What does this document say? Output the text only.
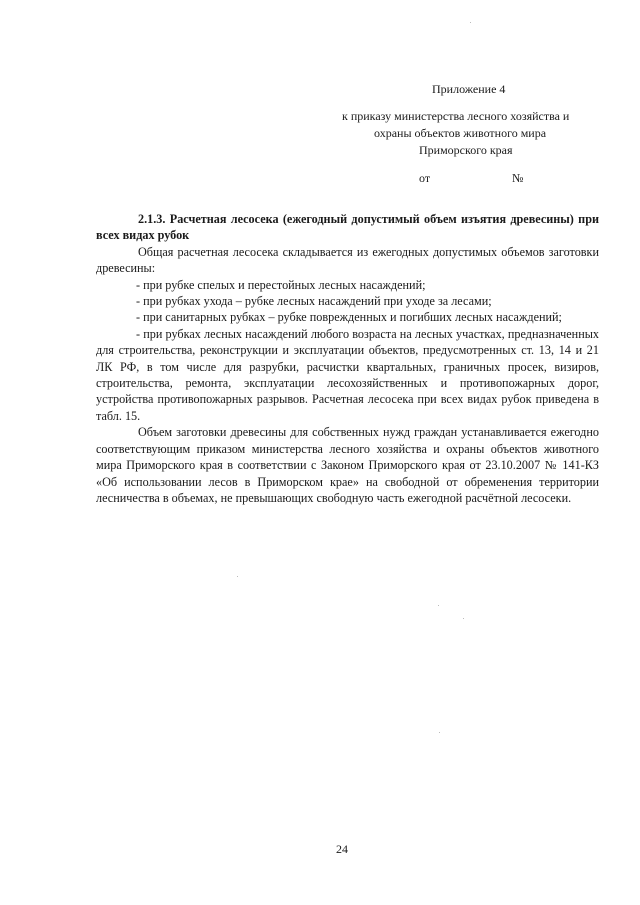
Приложение 4
к приказу министерства лесного хозяйства и
охраны объектов животного мира
Приморского края
от	№

2.1.3. Расчетная лесосека (ежегодный допустимый объем изъятия древесины) при всех видах рубок

Общая расчетная лесосека складывается из ежегодных допустимых объемов заготовки древесины:

- при рубке спелых и перестойных лесных насаждений;

- при рубках ухода – рубке лесных насаждений при уходе за лесами;

- при санитарных рубках – рубке поврежденных и погибших лесных насаждений;

- при рубках лесных насаждений любого возраста на лесных участках, предназначенных для строительства, реконструкции и эксплуатации объектов, предусмотренных ст. 13, 14 и 21 ЛК РФ, в том числе для разрубки, расчистки квартальных, граничных просек, визиров, строительства, ремонта, эксплуатации лесохозяйственных и противопожарных дорог, устройства противопожарных разрывов. Расчетная лесосека при всех видах рубок приведена в табл. 15.

Объем заготовки древесины для собственных нужд граждан устанавливается ежегодно соответствующим приказом министерства лесного хозяйства и охраны объектов животного мира Приморского края в соответствии с Законом Приморского края от 23.10.2007 № 141-КЗ «Об использовании лесов в Приморском крае» на свободной от обременения территории лесничества в объемах, не превышающих свободную часть ежегодной расчётной лесосеки.

24
